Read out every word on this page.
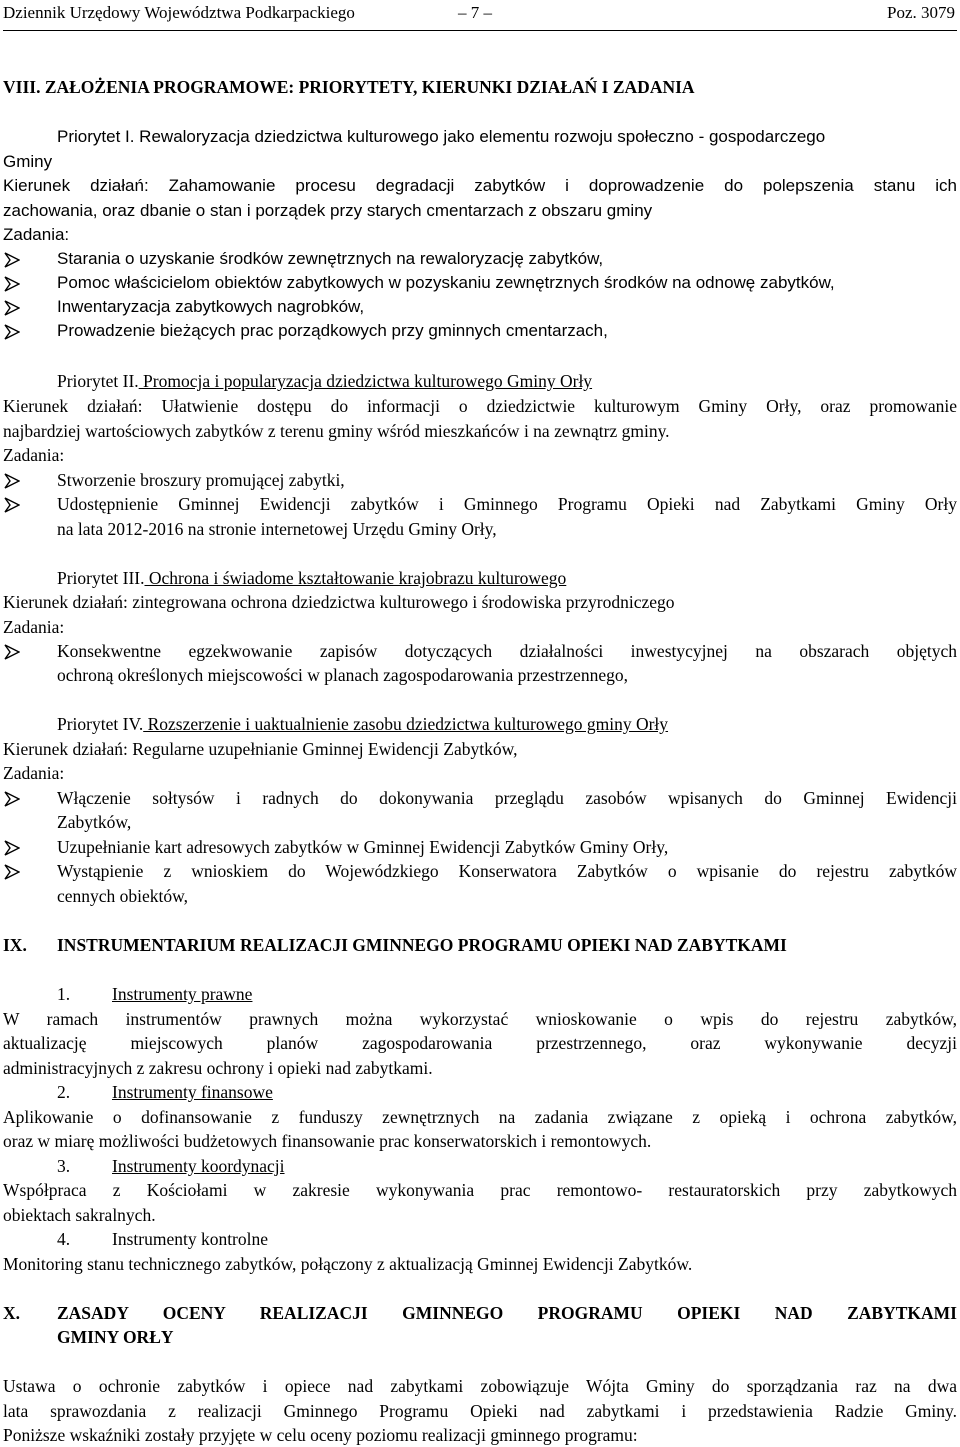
Dziennik Urzędowy Województwa Podkarpackiego	– 7 –	Poz. 3079
VIII. ZAŁOŻENIA PROGRAMOWE: PRIORYTETY, KIERUNKI DZIAŁAŃ I ZADANIA
Priorytet I. Rewaloryzacja dziedzictwa kulturowego jako elementu rozwoju społeczno - gospodarczego
Gminy
Kierunek działań: Zahamowanie procesu degradacji zabytków i doprowadzenie do polepszenia stanu ich
zachowania, oraz dbanie o stan i porządek przy starych cmentarzach z obszaru gminy
Zadania:
Starania o uzyskanie środków zewnętrznych na rewaloryzację zabytków,
Pomoc właścicielom obiektów zabytkowych w pozyskaniu zewnętrznych środków na odnowę zabytków,
Inwentaryzacja zabytkowych nagrobków,
Prowadzenie bieżących prac porządkowych przy gminnych cmentarzach,
Priorytet II. Promocja i popularyzacja dziedzictwa kulturowego Gminy Orły
Kierunek działań: Ułatwienie dostępu do informacji o dziedzictwie kulturowym Gminy Orły, oraz promowanie
najbardziej wartościowych zabytków z terenu gminy wśród mieszkańców i na zewnątrz gminy.
Zadania:
Stworzenie broszury promującej zabytki,
Udostępnienie Gminnej Ewidencji zabytków i Gminnego Programu Opieki nad Zabytkami Gminy Orły
na lata 2012-2016 na stronie internetowej Urzędu Gminy Orły,
Priorytet III. Ochrona i świadome kształtowanie krajobrazu kulturowego
Kierunek działań: zintegrowana ochrona dziedzictwa kulturowego i środowiska przyrodniczego
Zadania:
Konsekwentne egzekwowanie zapisów dotyczących działalności inwestycyjnej na obszarach objętych
ochroną określonych miejscowości w planach zagospodarowania przestrzennego,
Priorytet IV. Rozszerzenie i uaktualnienie zasobu dziedzictwa kulturowego gminy Orły
Kierunek działań: Regularne uzupełnianie Gminnej Ewidencji Zabytków,
Zadania:
Włączenie sołtysów i radnych do dokonywania przeglądu zasobów wpisanych do Gminnej Ewidencji
Zabytków,
Uzupełnianie kart adresowych zabytków w Gminnej Ewidencji Zabytków Gminy Orły,
Wystąpienie z wnioskiem do Wojewódzkiego Konserwatora Zabytków o wpisanie do rejestru zabytków
cennych obiektów,
IX. INSTRUMENTARIUM REALIZACJI GMINNEGO PROGRAMU OPIEKI NAD ZABYTKAMI
1. Instrumenty prawne
W ramach instrumentów prawnych można wykorzystać wnioskowanie o wpis do rejestru zabytków,
aktualizację miejscowych planów zagospodarowania przestrzennego, oraz wykonywanie decyzji
administracyjnych z zakresu ochrony i opieki nad zabytkami.
2. Instrumenty finansowe
Aplikowanie o dofinansowanie z funduszy zewnętrznych na zadania związane z opieką i ochrona zabytków,
oraz w miarę możliwości budżetowych finansowanie prac konserwatorskich i remontowych.
3. Instrumenty koordynacji
Współpraca z Kościołami w zakresie wykonywania prac remontowo- restauratorskich przy zabytkowych
obiektach sakralnych.
4. Instrumenty kontrolne
Monitoring stanu technicznego zabytków, połączony z aktualizacją Gminnej Ewidencji Zabytków.
X. ZASADY OCENY REALIZACJI GMINNEGO PROGRAMU OPIEKI NAD ZABYTKAMI
GMINY ORŁY
Ustawa o ochronie zabytków i opiece nad zabytkami zobowiązuje Wójta Gminy do sporządzania raz na dwa
lata sprawozdania z realizacji Gminnego Programu Opieki nad zabytkami i przedstawienia Radzie Gminy.
Poniższe wskaźniki zostały przyjęte w celu oceny poziomu realizacji gminnego programu:
